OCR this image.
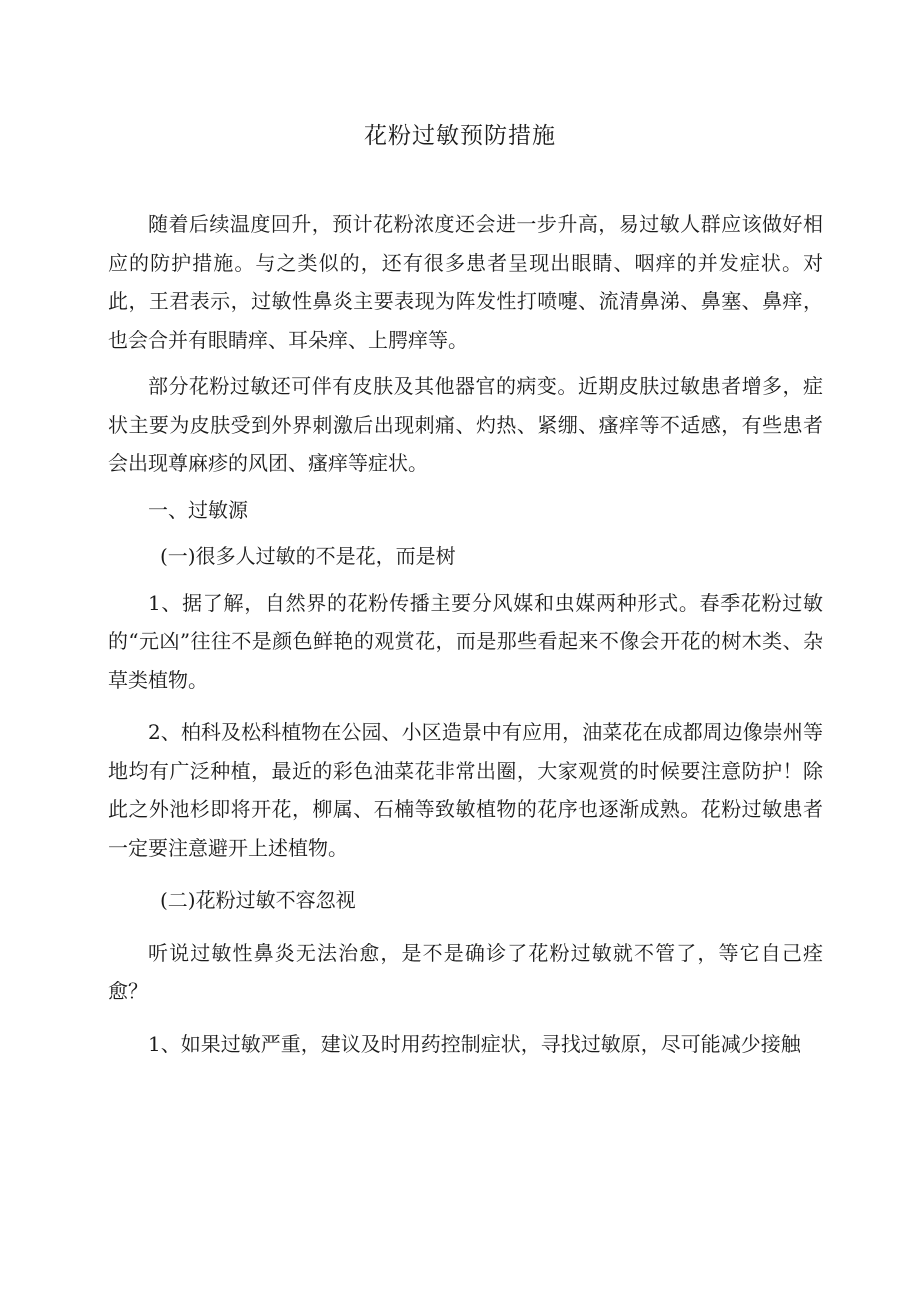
花粉过敏预防措施

随着后续温度回升，预计花粉浓度还会进一步升高，易过敏人群应该做好相应的防护措施。与之类似的，还有很多患者呈现出眼睛、咽痒的并发症状。对此，王君表示，过敏性鼻炎主要表现为阵发性打喷嚏、流清鼻涕、鼻塞、鼻痒，也会合并有眼睛痒、耳朵痒、上腭痒等。

部分花粉过敏还可伴有皮肤及其他器官的病变。近期皮肤过敏患者增多，症状主要为皮肤受到外界刺激后出现刺痛、灼热、紧绷、瘙痒等不适感，有些患者会出现尊麻疹的风团、瘙痒等症状。

一、过敏源

(一)很多人过敏的不是花，而是树

1、据了解，自然界的花粉传播主要分风媒和虫媒两种形式。春季花粉过敏的“元凶”往往不是颜色鲜艳的观赏花，而是那些看起来不像会开花的树木类、杂草类植物。

2、柏科及松科植物在公园、小区造景中有应用，油菜花在成都周边像崇州等地均有广泛种植，最近的彩色油菜花非常出圈，大家观赏的时候要注意防护！除此之外池杉即将开花，柳属、石楠等致敏植物的花序也逐渐成熟。花粉过敏患者一定要注意避开上述植物。

(二)花粉过敏不容忽视

听说过敏性鼻炎无法治愈，是不是确诊了花粉过敏就不管了，等它自己痊愈？

1、如果过敏严重，建议及时用药控制症状，寻找过敏原，尽可能减少接触
